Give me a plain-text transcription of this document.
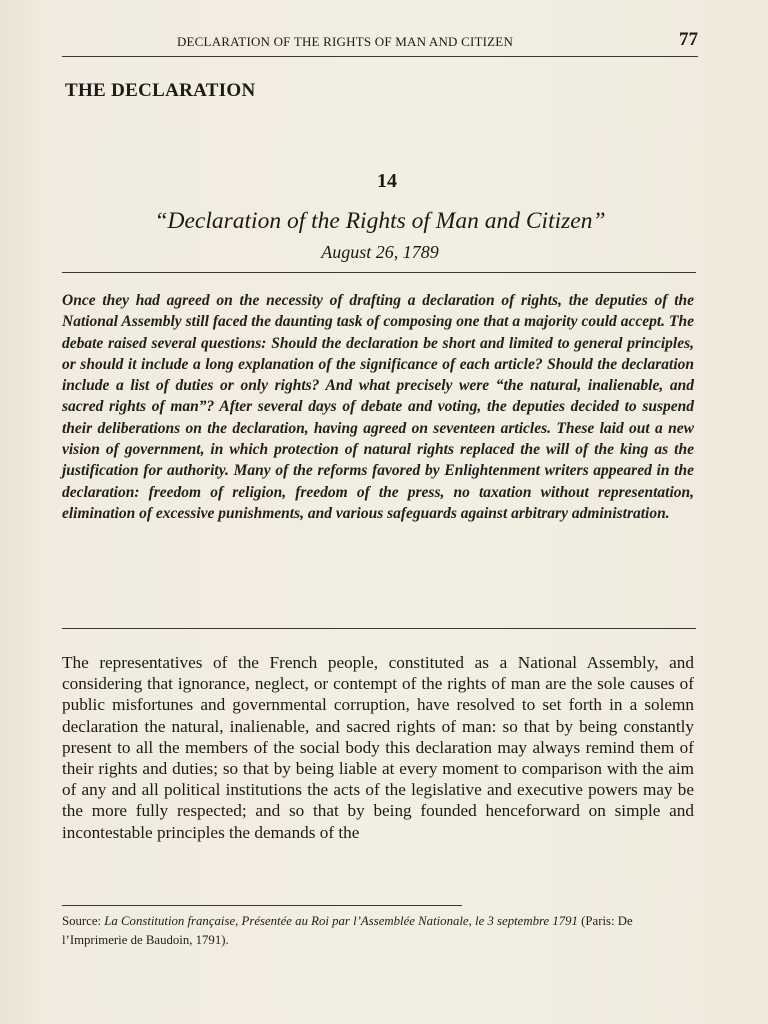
DECLARATION OF THE RIGHTS OF MAN AND CITIZEN	77
THE DECLARATION
14
“Declaration of the Rights of Man and Citizen”
August 26, 1789

Once they had agreed on the necessity of drafting a declaration of rights, the deputies of the National Assembly still faced the daunting task of composing one that a majority could accept. The debate raised several questions: Should the declaration be short and limited to general principles, or should it include a long explanation of the significance of each article? Should the declaration include a list of duties or only rights? And what precisely were “the natural, inalienable, and sacred rights of man”? After several days of debate and voting, the deputies decided to suspend their deliberations on the declaration, having agreed on seventeen articles. These laid out a new vision of government, in which protection of natural rights replaced the will of the king as the justification for authority. Many of the reforms favored by Enlightenment writers appeared in the declaration: freedom of religion, freedom of the press, no taxation without representation, elimination of excessive punishments, and various safeguards against arbitrary administration.

The representatives of the French people, constituted as a National Assembly, and considering that ignorance, neglect, or contempt of the rights of man are the sole causes of public misfortunes and governmental corruption, have resolved to set forth in a solemn declaration the natural, inalienable, and sacred rights of man: so that by being constantly present to all the members of the social body this declaration may always remind them of their rights and duties; so that by being liable at every moment to comparison with the aim of any and all political institutions the acts of the legislative and executive powers may be the more fully respected; and so that by being founded henceforward on simple and incontestable principles the demands of the

Source: La Constitution française, Présentée au Roi par l’Assemblée Nationale, le 3 septembre 1791 (Paris: De l’Imprimerie de Baudoin, 1791).
